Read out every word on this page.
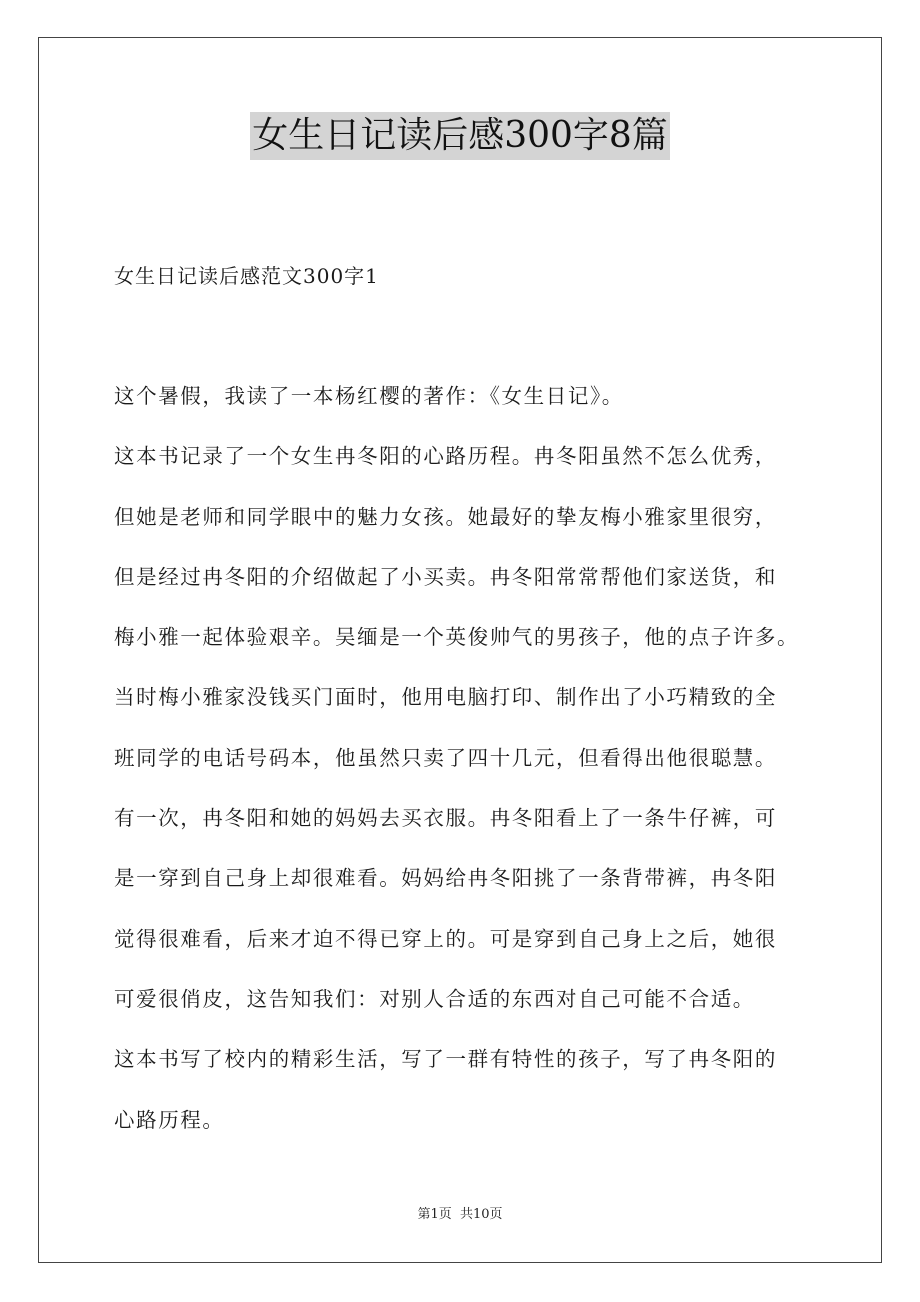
女生日记读后感300字8篇
女生日记读后感范文300字1
这个暑假，我读了一本杨红樱的著作：《女生日记》。
这本书记录了一个女生冉冬阳的心路历程。冉冬阳虽然不怎么优秀，
但她是老师和同学眼中的魅力女孩。她最好的挚友梅小雅家里很穷，
但是经过冉冬阳的介绍做起了小买卖。冉冬阳常常帮他们家送货，和
梅小雅一起体验艰辛。吴缅是一个英俊帅气的男孩子，他的点子许多。
当时梅小雅家没钱买门面时，他用电脑打印、制作出了小巧精致的全
班同学的电话号码本，他虽然只卖了四十几元，但看得出他很聪慧。
有一次，冉冬阳和她的妈妈去买衣服。冉冬阳看上了一条牛仔裤，可
是一穿到自己身上却很难看。妈妈给冉冬阳挑了一条背带裤，冉冬阳
觉得很难看，后来才迫不得已穿上的。可是穿到自己身上之后，她很
可爱很俏皮，这告知我们：对别人合适的东西对自己可能不合适。
这本书写了校内的精彩生活，写了一群有特性的孩子，写了冉冬阳的
心路历程。
第1页 共10页
